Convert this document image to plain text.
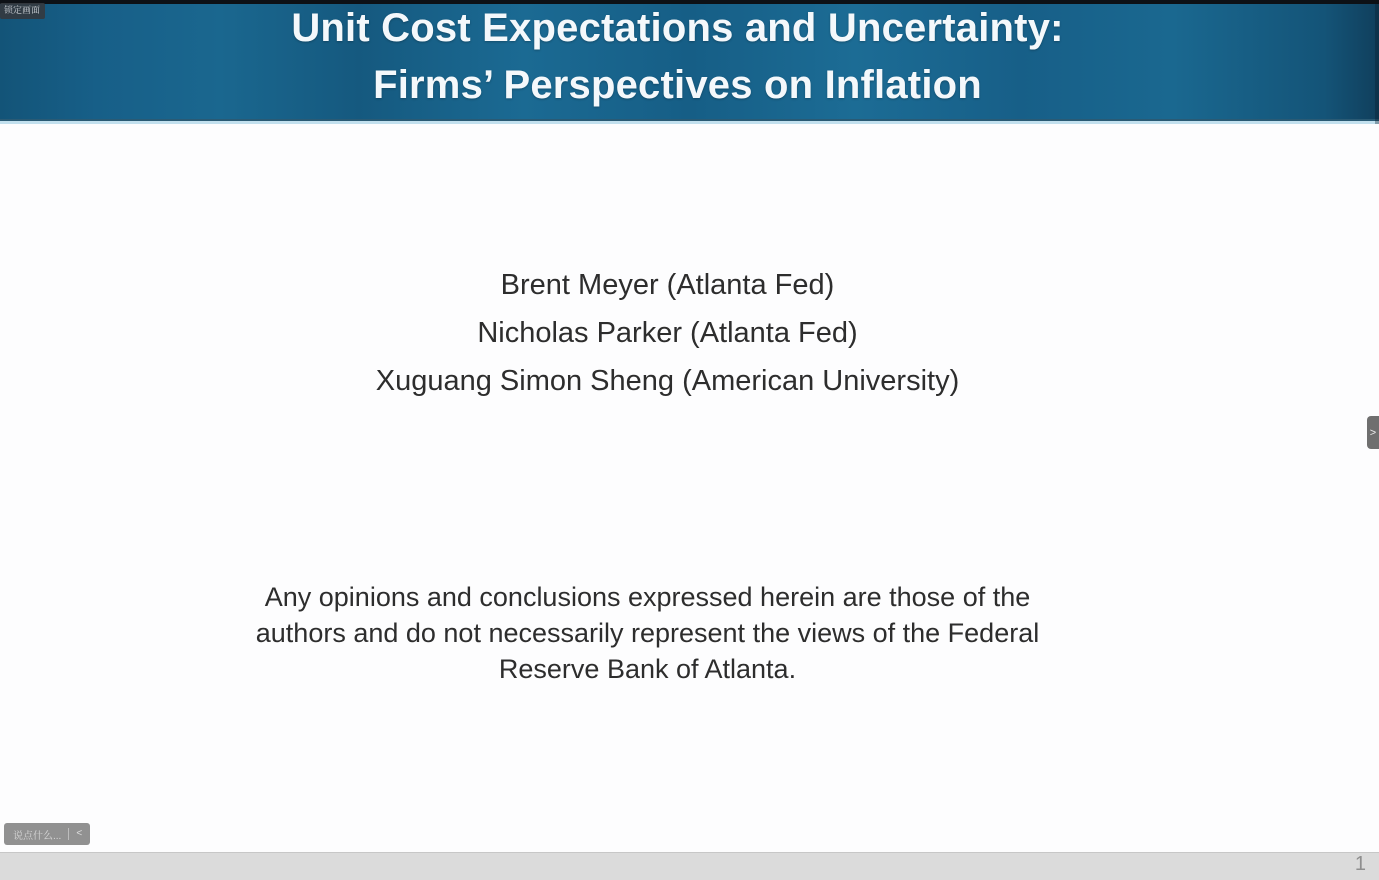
Unit Cost Expectations and Uncertainty:
Firms’ Perspectives on Inflation
Brent Meyer (Atlanta Fed)
Nicholas Parker (Atlanta Fed)
Xuguang Simon Sheng (American University)
Any opinions and conclusions expressed herein are those of the authors and do not necessarily represent the views of the Federal Reserve Bank of Atlanta.
1
锁定画面
说点什么... <
>
